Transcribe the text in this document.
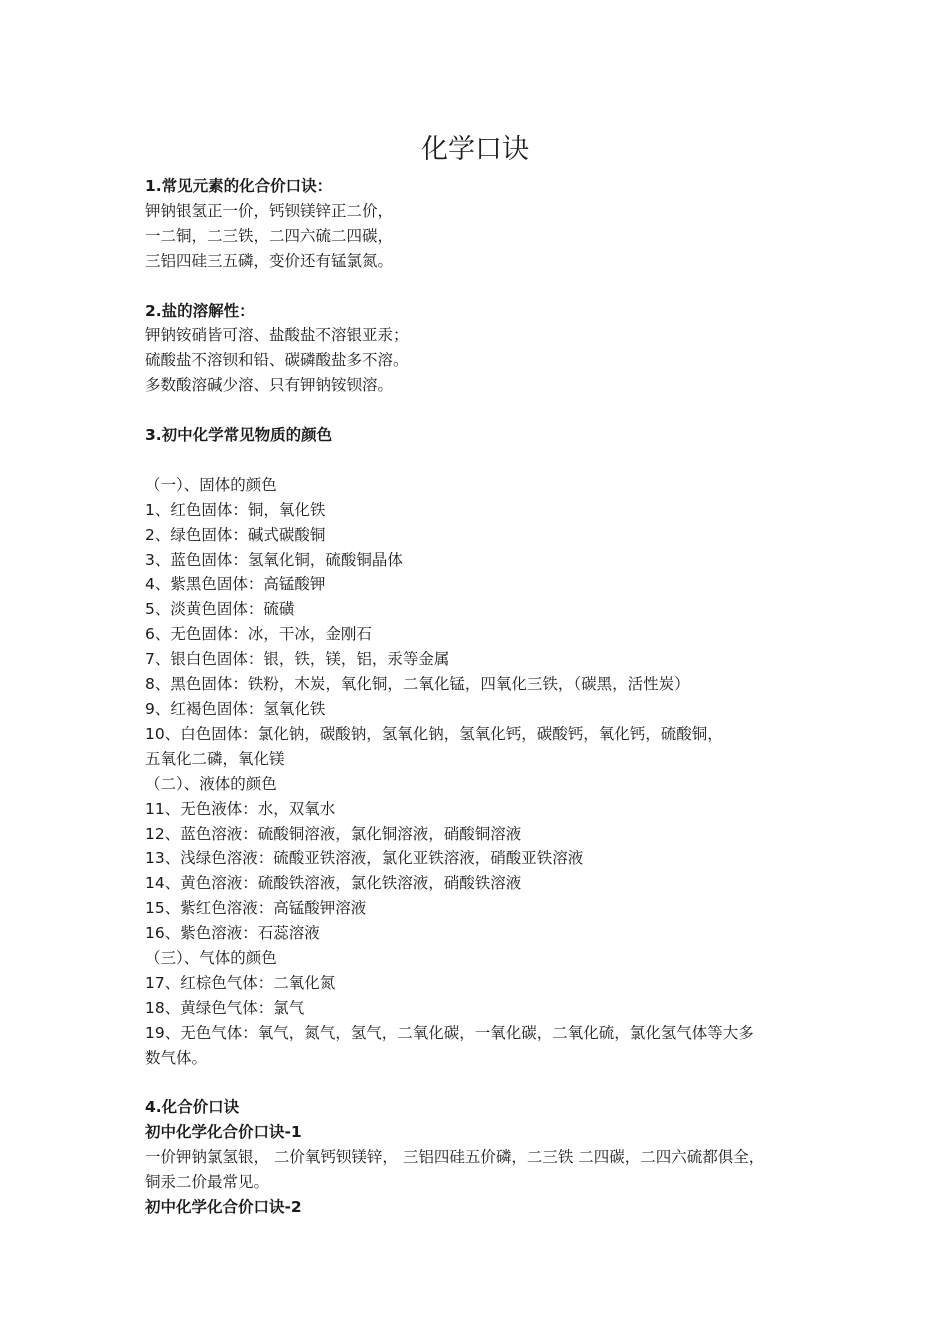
化学口诀
1.常见元素的化合价口诀：
钾钠银氢正一价，钙钡镁锌正二价，
一二铜，二三铁，二四六硫二四碳，
三铝四硅三五磷，变价还有锰氯氮。
2.盐的溶解性：
钾钠铵硝皆可溶、盐酸盐不溶银亚汞；
硫酸盐不溶钡和铅、碳磷酸盐多不溶。
多数酸溶碱少溶、只有钾钠铵钡溶。
3.初中化学常见物质的颜色
（一）、固体的颜色
1、红色固体：铜，氧化铁
2、绿色固体：碱式碳酸铜
3、蓝色固体：氢氧化铜，硫酸铜晶体
4、紫黑色固体：高锰酸钾
5、淡黄色固体：硫磺
6、无色固体：冰，干冰，金刚石
7、银白色固体：银，铁，镁，铝，汞等金属
8、黑色固体：铁粉，木炭，氧化铜，二氧化锰，四氧化三铁，（碳黑，活性炭）
9、红褐色固体：氢氧化铁
10、白色固体：氯化钠，碳酸钠，氢氧化钠，氢氧化钙，碳酸钙，氧化钙，硫酸铜，
五氧化二磷，氧化镁
（二）、液体的颜色
11、无色液体：水，双氧水
12、蓝色溶液：硫酸铜溶液，氯化铜溶液，硝酸铜溶液
13、浅绿色溶液：硫酸亚铁溶液，氯化亚铁溶液，硝酸亚铁溶液
14、黄色溶液：硫酸铁溶液，氯化铁溶液，硝酸铁溶液
15、紫红色溶液：高锰酸钾溶液
16、紫色溶液：石蕊溶液
（三）、气体的颜色
17、红棕色气体：二氧化氮
18、黄绿色气体：氯气
19、无色气体：氧气，氮气，氢气，二氧化碳，一氧化碳，二氧化硫，氯化氢气体等大多
数气体。
4.化合价口诀
初中化学化合价口诀-1
一价钾钠氯氢银， 二价氧钙钡镁锌， 三铝四硅五价磷，二三铁 二四碳，二四六硫都俱全，
铜汞二价最常见。
初中化学化合价口诀-2
